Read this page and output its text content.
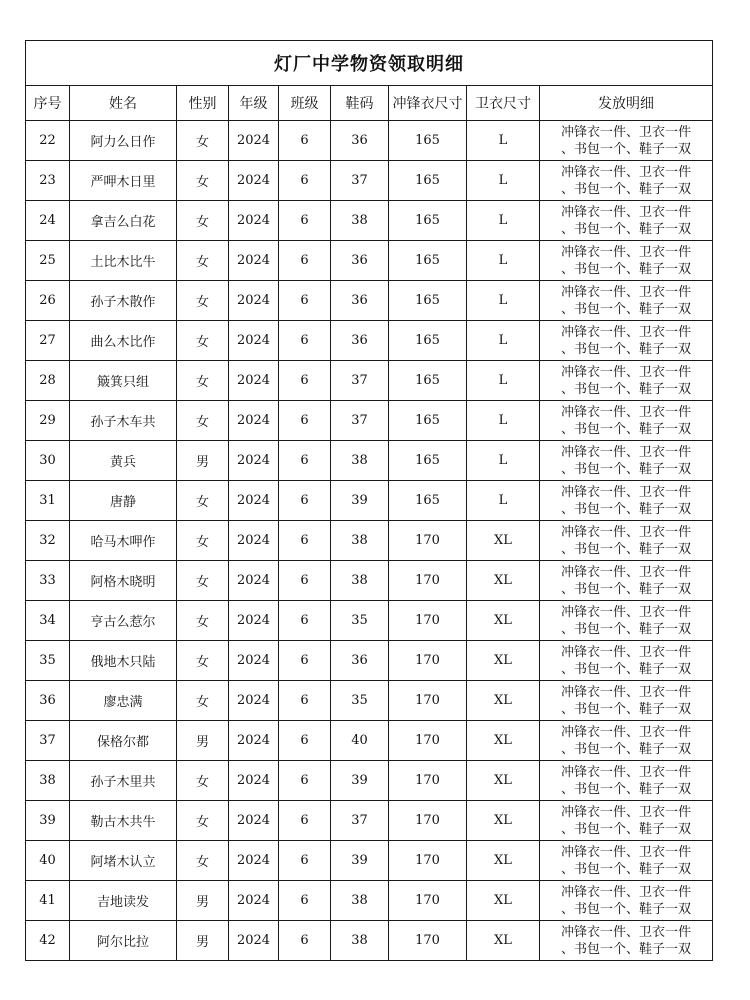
灯厂中学物资领取明细								
序号	姓名	性别	年级	班级	鞋码	冲锋衣尺寸	卫衣尺寸	发放明细
22	阿力么日作	女	2024	6	36	165	L	冲锋衣一件、卫衣一件
、书包一个、鞋子一双
23	严呷木日里	女	2024	6	37	165	L	冲锋衣一件、卫衣一件
、书包一个、鞋子一双
24	拿吉么白花	女	2024	6	38	165	L	冲锋衣一件、卫衣一件
、书包一个、鞋子一双
25	土比木比牛	女	2024	6	36	165	L	冲锋衣一件、卫衣一件
、书包一个、鞋子一双
26	孙子木散作	女	2024	6	36	165	L	冲锋衣一件、卫衣一件
、书包一个、鞋子一双
27	曲么木比作	女	2024	6	36	165	L	冲锋衣一件、卫衣一件
、书包一个、鞋子一双
28	簸箕只组	女	2024	6	37	165	L	冲锋衣一件、卫衣一件
、书包一个、鞋子一双
29	孙子木车共	女	2024	6	37	165	L	冲锋衣一件、卫衣一件
、书包一个、鞋子一双
30	黄兵	男	2024	6	38	165	L	冲锋衣一件、卫衣一件
、书包一个、鞋子一双
31	唐静	女	2024	6	39	165	L	冲锋衣一件、卫衣一件
、书包一个、鞋子一双
32	哈马木呷作	女	2024	6	38	170	XL	冲锋衣一件、卫衣一件
、书包一个、鞋子一双
33	阿格木晓明	女	2024	6	38	170	XL	冲锋衣一件、卫衣一件
、书包一个、鞋子一双
34	亨古么惹尔	女	2024	6	35	170	XL	冲锋衣一件、卫衣一件
、书包一个、鞋子一双
35	俄地木只陆	女	2024	6	36	170	XL	冲锋衣一件、卫衣一件
、书包一个、鞋子一双
36	廖忠满	女	2024	6	35	170	XL	冲锋衣一件、卫衣一件
、书包一个、鞋子一双
37	保格尔都	男	2024	6	40	170	XL	冲锋衣一件、卫衣一件
、书包一个、鞋子一双
38	孙子木里共	女	2024	6	39	170	XL	冲锋衣一件、卫衣一件
、书包一个、鞋子一双
39	勒古木共牛	女	2024	6	37	170	XL	冲锋衣一件、卫衣一件
、书包一个、鞋子一双
40	阿堵木认立	女	2024	6	39	170	XL	冲锋衣一件、卫衣一件
、书包一个、鞋子一双
41	吉地读发	男	2024	6	38	170	XL	冲锋衣一件、卫衣一件
、书包一个、鞋子一双
42	阿尔比拉	男	2024	6	38	170	XL	冲锋衣一件、卫衣一件
、书包一个、鞋子一双
